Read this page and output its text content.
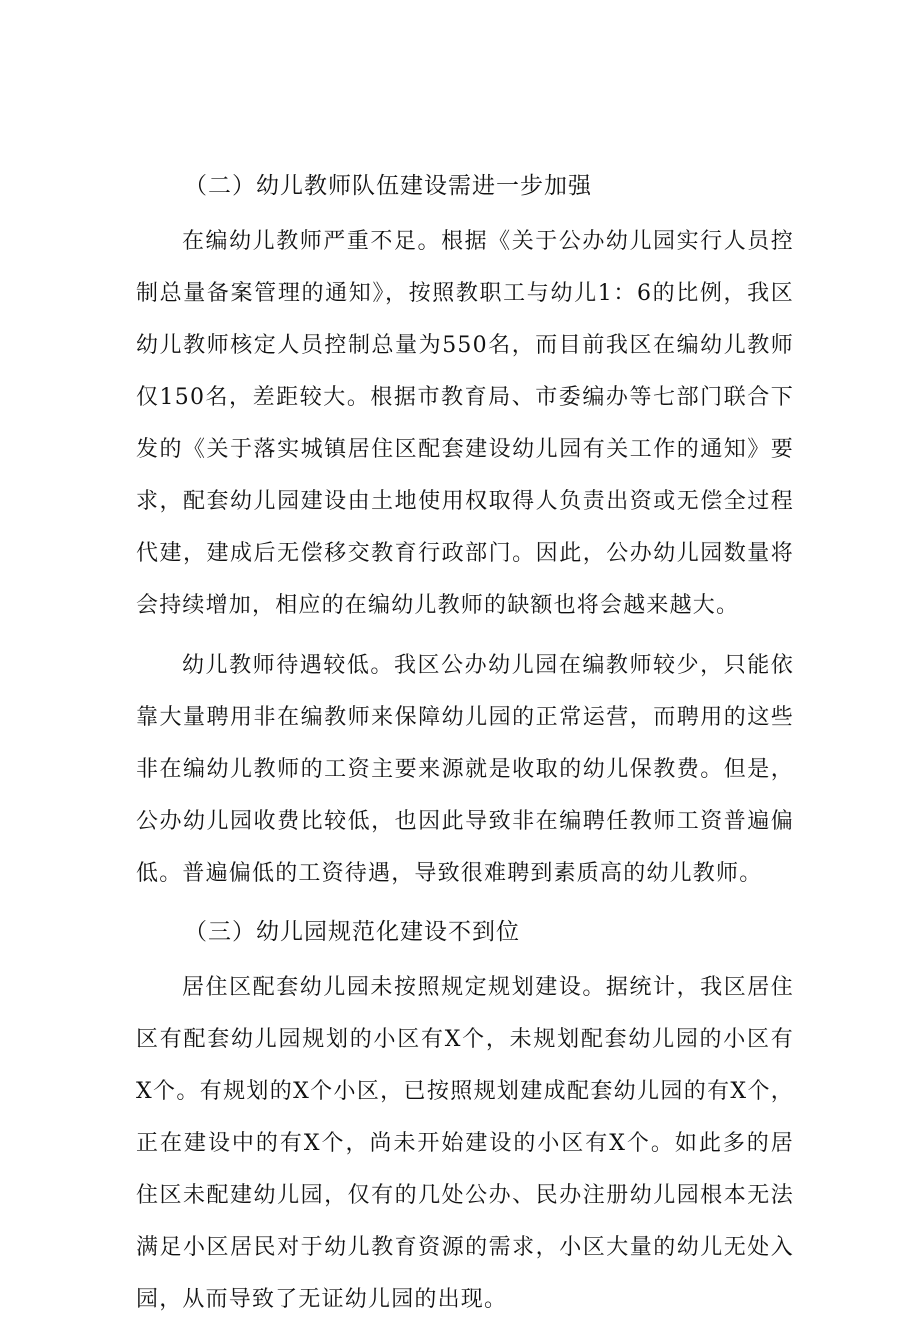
（二）幼儿教师队伍建设需进一步加强

在编幼儿教师严重不足。根据《关于公办幼儿园实行人员控制总量备案管理的通知》，按照教职工与幼儿1：6的比例，我区幼儿教师核定人员控制总量为550名，而目前我区在编幼儿教师仅150名，差距较大。根据市教育局、市委编办等七部门联合下发的《关于落实城镇居住区配套建设幼儿园有关工作的通知》要求，配套幼儿园建设由土地使用权取得人负责出资或无偿全过程代建，建成后无偿移交教育行政部门。因此，公办幼儿园数量将会持续增加，相应的在编幼儿教师的缺额也将会越来越大。

幼儿教师待遇较低。我区公办幼儿园在编教师较少，只能依靠大量聘用非在编教师来保障幼儿园的正常运营，而聘用的这些非在编幼儿教师的工资主要来源就是收取的幼儿保教费。但是，公办幼儿园收费比较低，也因此导致非在编聘任教师工资普遍偏低。普遍偏低的工资待遇，导致很难聘到素质高的幼儿教师。

（三）幼儿园规范化建设不到位

居住区配套幼儿园未按照规定规划建设。据统计，我区居住区有配套幼儿园规划的小区有X个，未规划配套幼儿园的小区有X个。有规划的X个小区，已按照规划建成配套幼儿园的有X个，正在建设中的有X个，尚未开始建设的小区有X个。如此多的居住区未配建幼儿园，仅有的几处公办、民办注册幼儿园根本无法满足小区居民对于幼儿教育资源的需求，小区大量的幼儿无处入园，从而导致了无证幼儿园的出现。
